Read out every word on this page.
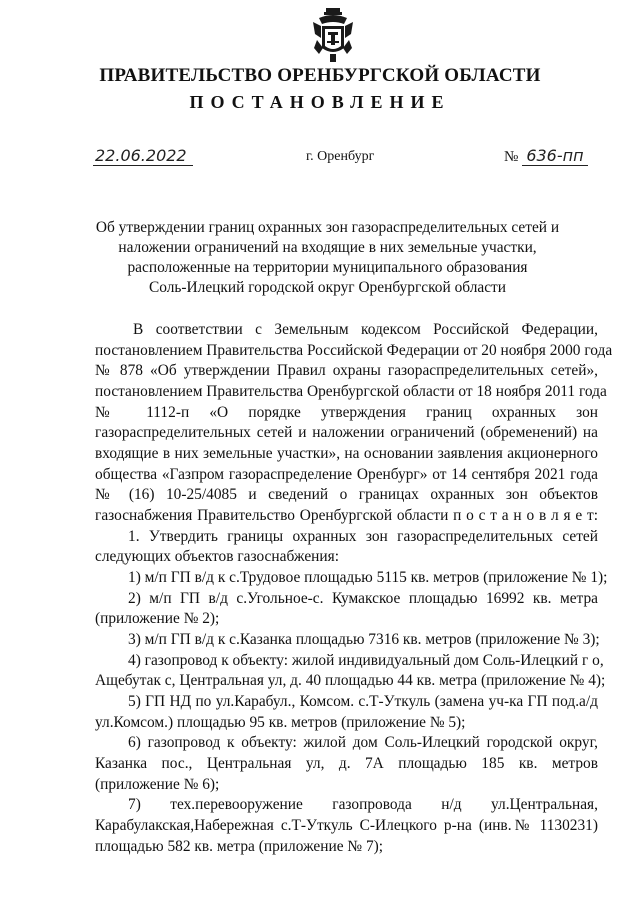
ПРАВИТЕЛЬСТВО ОРЕНБУРГСКОЙ ОБЛАСТИ
ПОСТАНОВЛЕНИЕ
22.06.2022	г. Оренбург	№ 636-пп
Об утверждении границ охранных зон газораспределительных сетей и
наложении ограничений на входящие в них земельные участки,
расположенные на территории муниципального образования
Соль-Илецкий городской округ Оренбургской области
В соответствии с Земельным кодексом Российской Федерации,
постановлением Правительства Российской Федерации от 20 ноября 2000 года
№ 878 «Об утверждении Правил охраны газораспределительных сетей»,
постановлением Правительства Оренбургской области от 18 ноября 2011 года
№ 1112-п «О порядке утверждения границ охранных зон
газораспределительных сетей и наложении ограничений (обременений) на
входящие в них земельные участки», на основании заявления акционерного
общества «Газпром газораспределение Оренбург» от 14 сентября 2021 года
№ (16) 10-25/4085 и сведений о границах охранных зон объектов
газоснабжения Правительство Оренбургской области п о с т а н о в л я е т:
1. Утвердить границы охранных зон газораспределительных сетей
следующих объектов газоснабжения:
1) м/п ГП в/д к с.Трудовое площадью 5115 кв. метров (приложение № 1);
2) м/п ГП в/д с.Угольное-с. Кумакское площадью 16992 кв. метра
(приложение № 2);
3) м/п ГП в/д к с.Казанка площадью 7316 кв. метров (приложение № 3);
4) газопровод к объекту: жилой индивидуальный дом Соль-Илецкий г о,
Ащебутак с, Центральная ул, д. 40 площадью 44 кв. метра (приложение № 4);
5) ГП НД по ул.Карабул., Комсом. с.Т-Уткуль (замена уч-ка ГП под.а/д
ул.Комсом.) площадью 95 кв. метров (приложение № 5);
6) газопровод к объекту: жилой дом Соль-Илецкий городской округ,
Казанка пос., Центральная ул, д. 7А площадью 185 кв. метров
(приложение № 6);
7) тех.перевооружение газопровода н/д ул.Центральная,
Карабулакская,Набережная с.Т-Уткуль С-Илецкого р-на (инв.№ 1130231)
площадью 582 кв. метра (приложение № 7);
